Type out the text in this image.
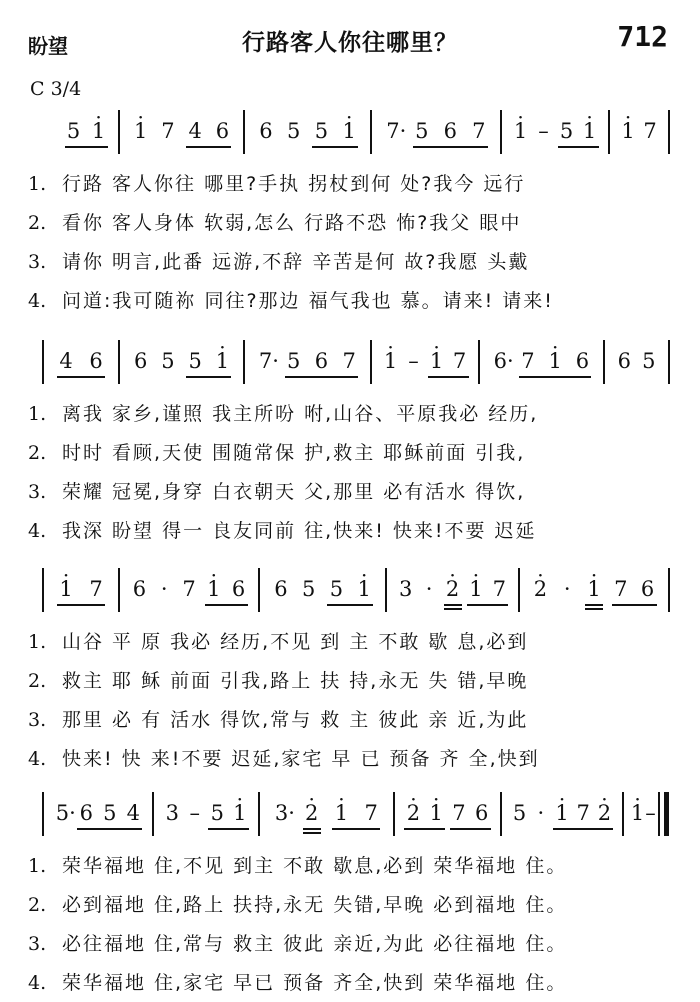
盼望	行路客人你往哪里？	712
C 3/4
5 · 1 · 1 7 4 6 6 5 5 · 1 7· 5 6 7 · 1 – 5 · 1 · 1 7
1. 行路 客人你往 哪里?手执 拐杖到何 处?我今 远行
2. 看你 客人身体 软弱,怎么 行路不恐 怖?我父 眼中
3. 请你 明言,此番 远游,不辞 辛苦是何 故?我愿 头戴
4. 问道:我可随祢 同往?那边 福气我也 慕。请来! 请来!
4 6 6 5 5 · 1 7· 5 6 7 · 1 – · 1 7 6· 7 · 1 6 6 5
1. 离我 家乡,谨照 我主所吩 咐,山谷、平原我必 经历,
2. 时时 看顾,天使 围随常保 护,救主 耶稣前面 引我,
3. 荣耀 冠冕,身穿 白衣朝天 父,那里 必有活水 得饮,
4. 我深 盼望 得一 良友同前 往,快来! 快来!不要 迟延
· 1 7 6 · 7 · 1 6 6 5 5 · 1 3 · · 2 · 1 7 · 2 · · 1 7 6
1. 山谷 平 原 我必 经历,不见 到 主 不敢 歇 息,必到
2. 救主 耶 稣 前面 引我,路上 扶 持,永无 失 错,早晚
3. 那里 必 有 活水 得饮,常与 救 主 彼此 亲 近,为此
4. 快来! 快 来!不要 迟延,家宅 早 已 预备 齐 全,快到
5· 6 5 4 3 – 5 · 1 3· · 2 · 1 7 · 2 · 1 7 6 5 · · 1 7 · 2 · 1 –
1. 荣华福地 住,不见 到主 不敢 歇息,必到 荣华福地 住。
2. 必到福地 住,路上 扶持,永无 失错,早晚 必到福地 住。
3. 必往福地 住,常与 救主 彼此 亲近,为此 必往福地 住。
4. 荣华福地 住,家宅 早已 预备 齐全,快到 荣华福地 住。
